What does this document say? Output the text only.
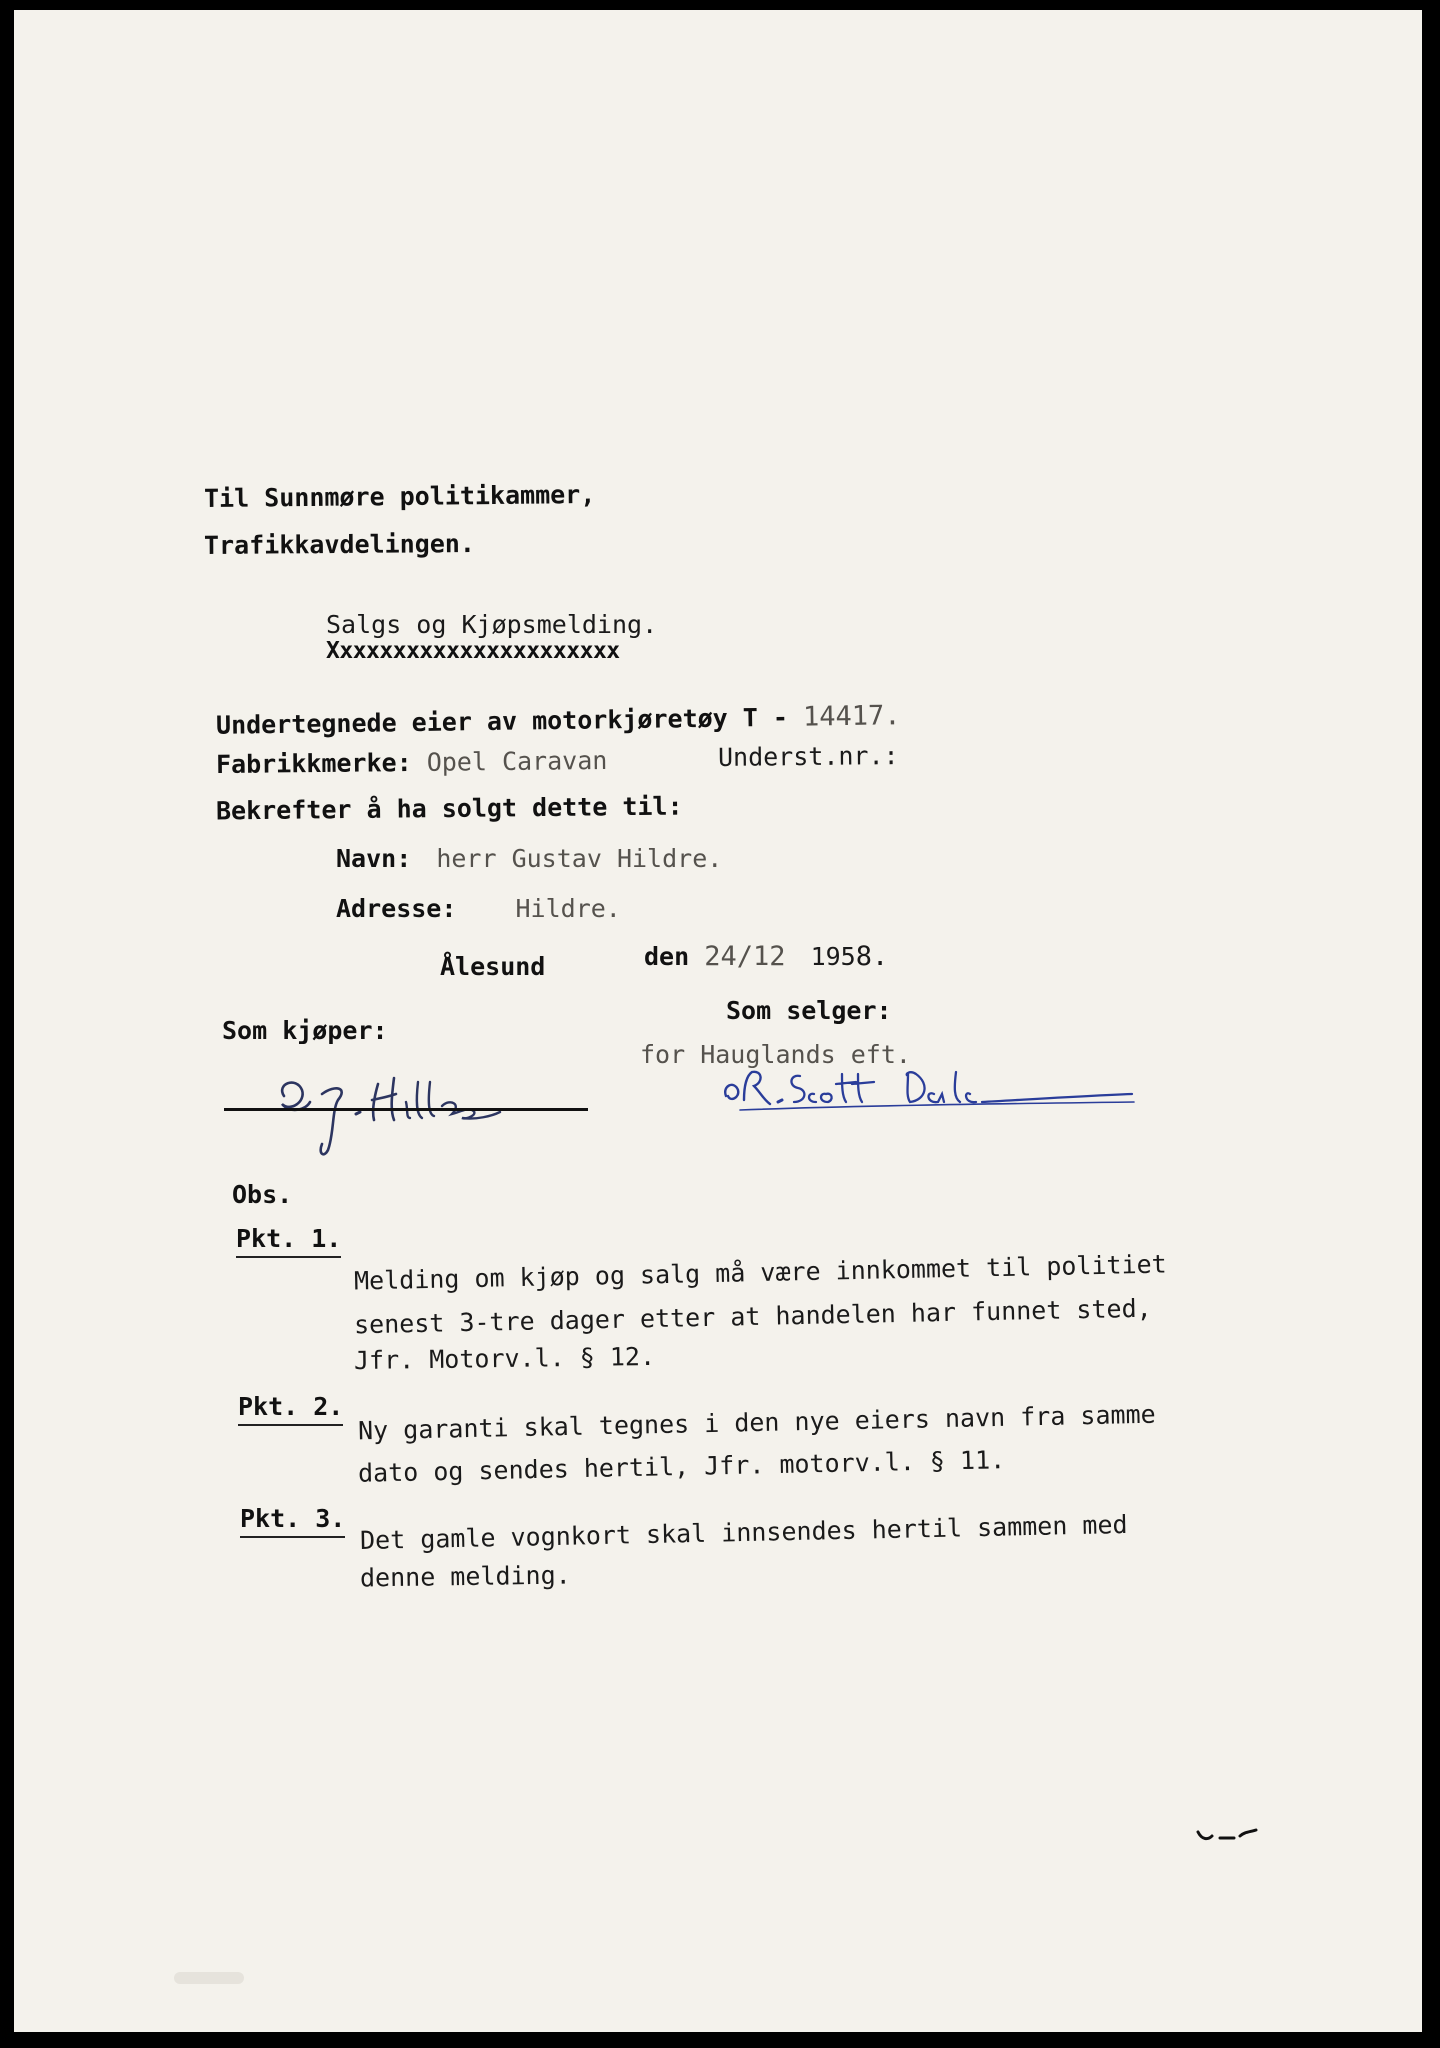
Til Sunnmøre politikammer,
Trafikkavdelingen.
Salgs og Kjøpsmelding.
Xxxxxxxxxxxxxxxxxxxxxx
Undertegnede eier av motorkjøretøy T - 14417.
Fabrikkmerke: Opel Caravan	Underst.nr.:
Bekrefter å ha solgt dette til:
Navn: herr Gustav Hildre.
Adresse: Hildre.
Ålesund	den 24/12 1958.
Som kjøper:
Som selger:
for Hauglands eft.
Obs.
Pkt. 1.
Melding om kjøp og salg må være innkommet til politiet
senest 3-tre dager etter at handelen har funnet sted,
Jfr. Motorv.l. § 12.
Pkt. 2. Ny garanti skal tegnes i den nye eiers navn fra samme
dato og sendes hertil, Jfr. motorv.l. § 11.
Pkt. 3. Det gamle vognkort skal innsendes hertil sammen med
denne melding.
